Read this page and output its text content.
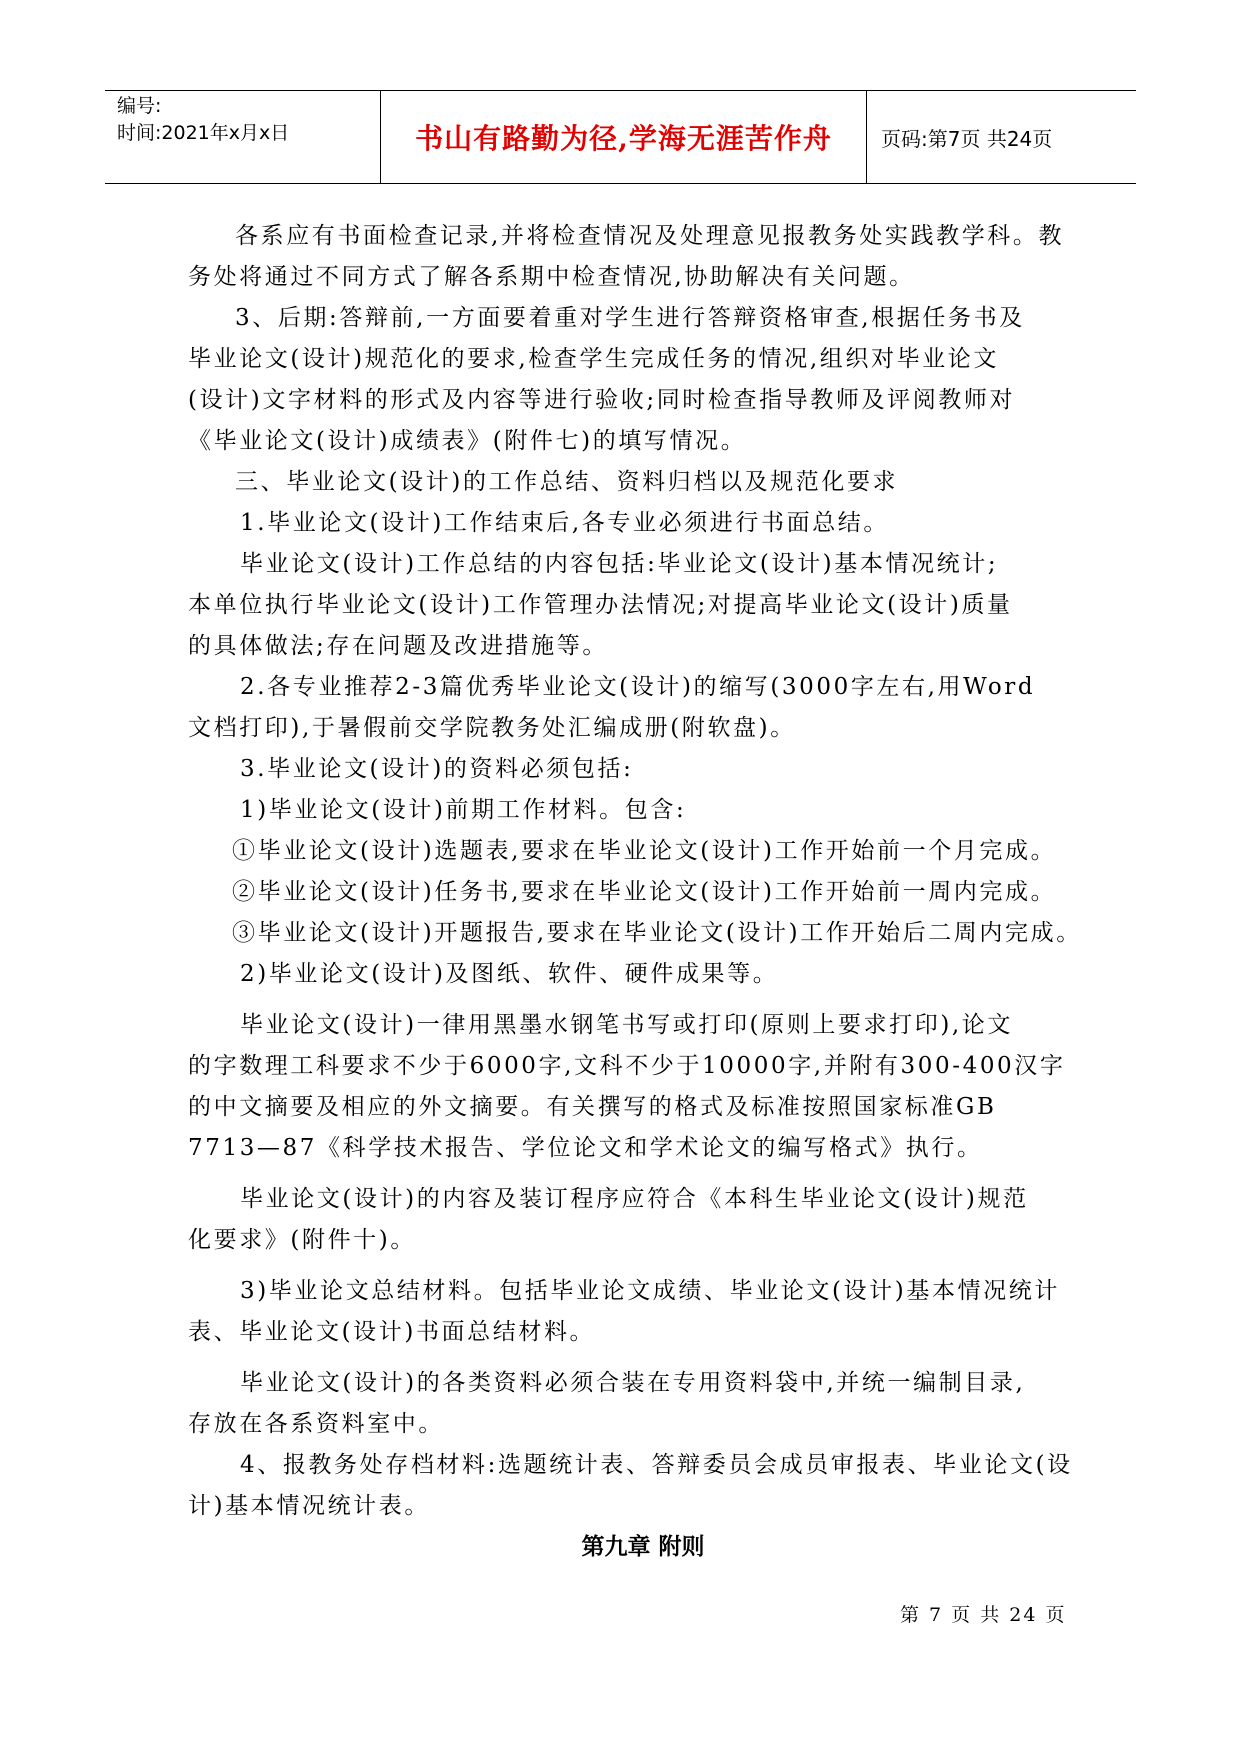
编号:
时间:2021年x月x日	书山有路勤为径,学海无涯苦作舟	页码:第7页 共24页
各系应有书面检查记录,并将检查情况及处理意见报教务处实践教学科。教
务处将通过不同方式了解各系期中检查情况,协助解决有关问题。
3、后期:答辩前,一方面要着重对学生进行答辩资格审查,根据任务书及
毕业论文(设计)规范化的要求,检查学生完成任务的情况,组织对毕业论文
(设计)文字材料的形式及内容等进行验收;同时检查指导教师及评阅教师对
《毕业论文(设计)成绩表》(附件七)的填写情况。
三、毕业论文(设计)的工作总结、资料归档以及规范化要求
1.毕业论文(设计)工作结束后,各专业必须进行书面总结。
毕业论文(设计)工作总结的内容包括:毕业论文(设计)基本情况统计;
本单位执行毕业论文(设计)工作管理办法情况;对提高毕业论文(设计)质量
的具体做法;存在问题及改进措施等。
2.各专业推荐2-3篇优秀毕业论文(设计)的缩写(3000字左右,用Word
文档打印),于暑假前交学院教务处汇编成册(附软盘)。
3.毕业论文(设计)的资料必须包括:
1)毕业论文(设计)前期工作材料。包含:
①毕业论文(设计)选题表,要求在毕业论文(设计)工作开始前一个月完成。
②毕业论文(设计)任务书,要求在毕业论文(设计)工作开始前一周内完成。
③毕业论文(设计)开题报告,要求在毕业论文(设计)工作开始后二周内完成。
2)毕业论文(设计)及图纸、软件、硬件成果等。
毕业论文(设计)一律用黑墨水钢笔书写或打印(原则上要求打印),论文
的字数理工科要求不少于6000字,文科不少于10000字,并附有300-400汉字
的中文摘要及相应的外文摘要。有关撰写的格式及标准按照国家标准GB
7713—87《科学技术报告、学位论文和学术论文的编写格式》执行。
毕业论文(设计)的内容及装订程序应符合《本科生毕业论文(设计)规范
化要求》(附件十)。
3)毕业论文总结材料。包括毕业论文成绩、毕业论文(设计)基本情况统计
表、毕业论文(设计)书面总结材料。
毕业论文(设计)的各类资料必须合装在专用资料袋中,并统一编制目录,
存放在各系资料室中。
4、报教务处存档材料:选题统计表、答辩委员会成员审报表、毕业论文(设
计)基本情况统计表。
第九章 附则
第 7 页 共 24 页
